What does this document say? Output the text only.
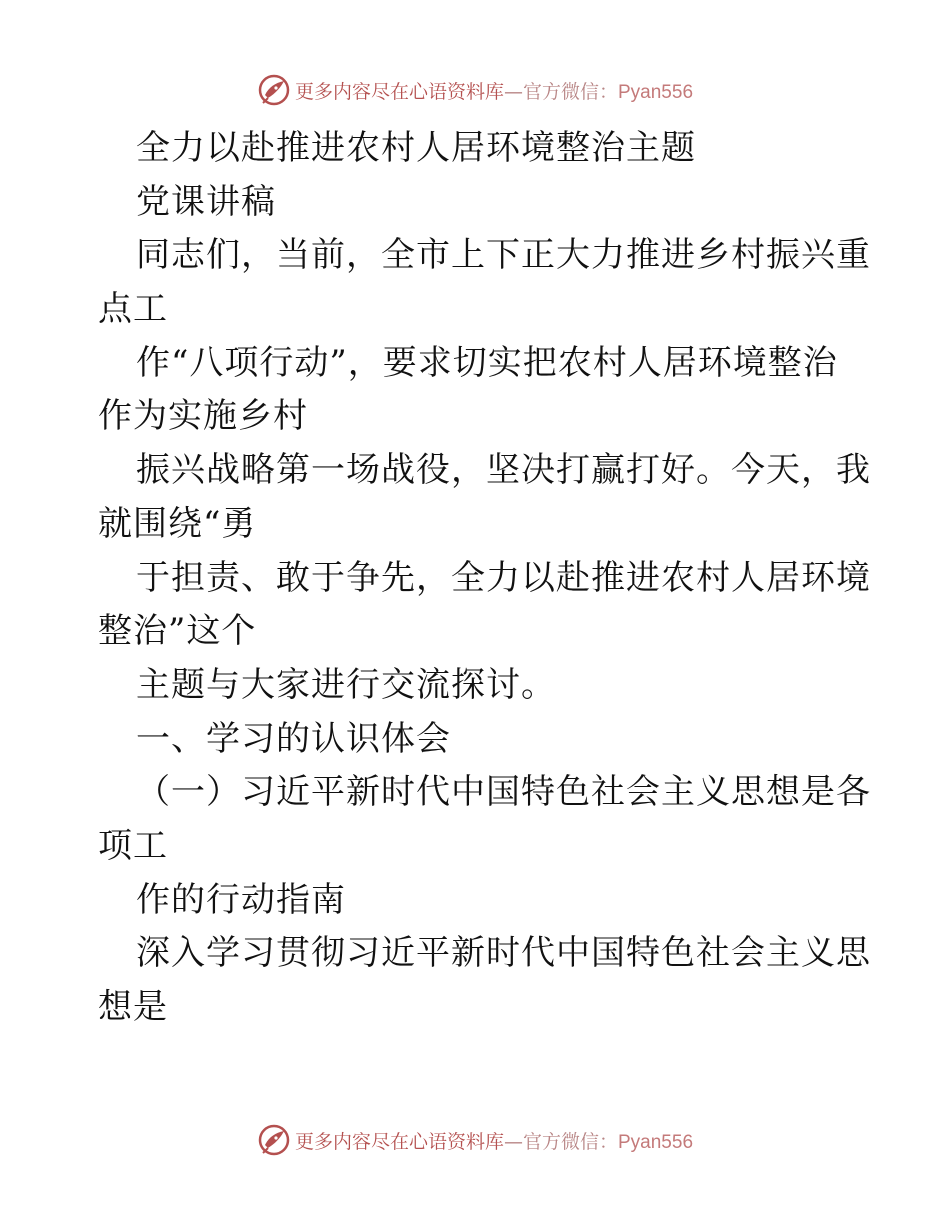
更多内容尽在心语资料库—官方微信：Pyan556
全力以赴推进农村人居环境整治主题
党课讲稿
同志们，当前，全市上下正大力推进乡村振兴重
点工
作“八项行动”，要求切实把农村人居环境整治
作为实施乡村
振兴战略第一场战役，坚决打赢打好。今天，我
就围绕“勇
于担责、敢于争先，全力以赴推进农村人居环境
整治”这个
主题与大家进行交流探讨。
一、学习的认识体会
（一）习近平新时代中国特色社会主义思想是各
项工
作的行动指南
深入学习贯彻习近平新时代中国特色社会主义思
想是
更多内容尽在心语资料库—官方微信：Pyan556
